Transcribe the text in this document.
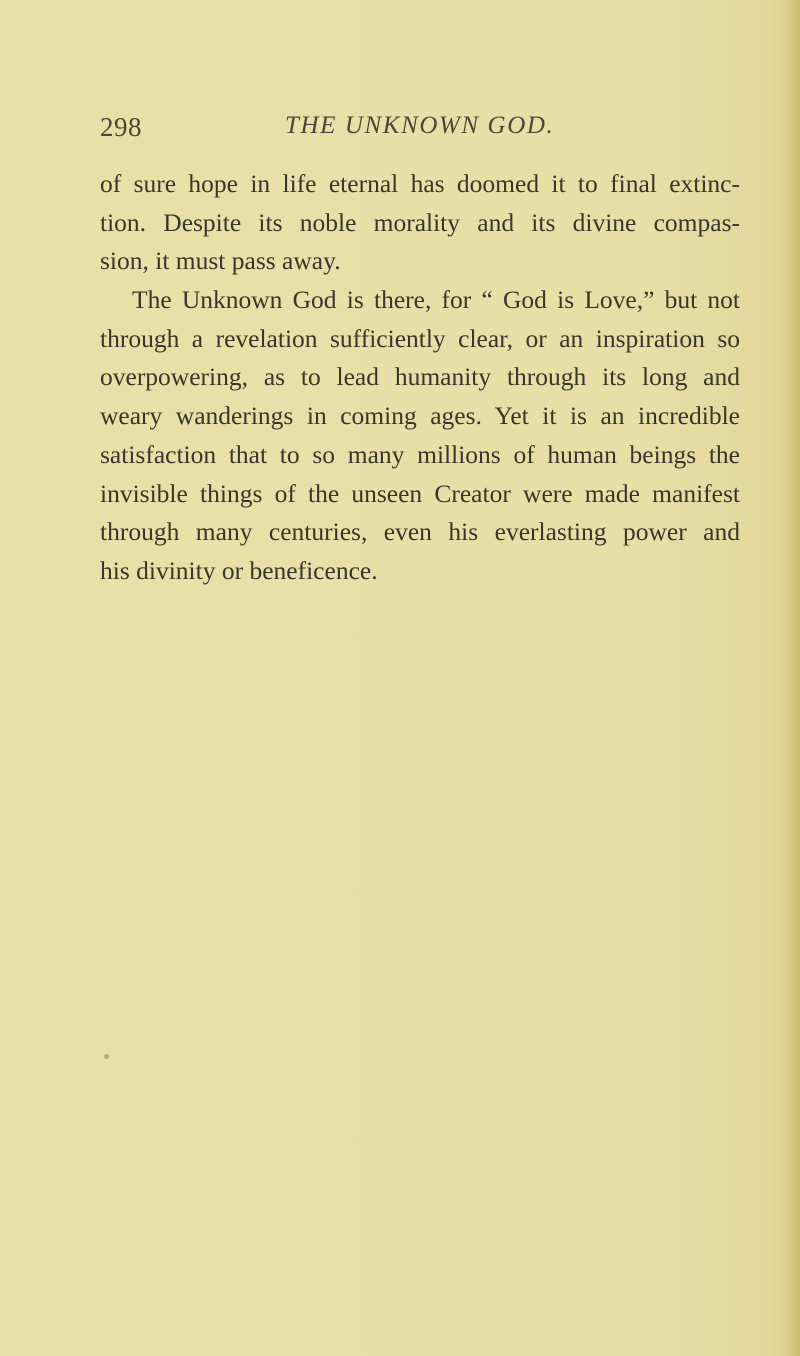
298	THE UNKNOWN GOD.
of sure hope in life eternal has doomed it to final extinc-
tion. Despite its noble morality and its divine compas-
sion, it must pass away.
The Unknown God is there, for “ God is Love,” but not
through a revelation sufficiently clear, or an inspiration so
overpowering, as to lead humanity through its long and
weary wanderings in coming ages. Yet it is an incredible
satisfaction that to so many millions of human beings the
invisible things of the unseen Creator were made manifest
through many centuries, even his everlasting power and
his divinity or beneficence.
